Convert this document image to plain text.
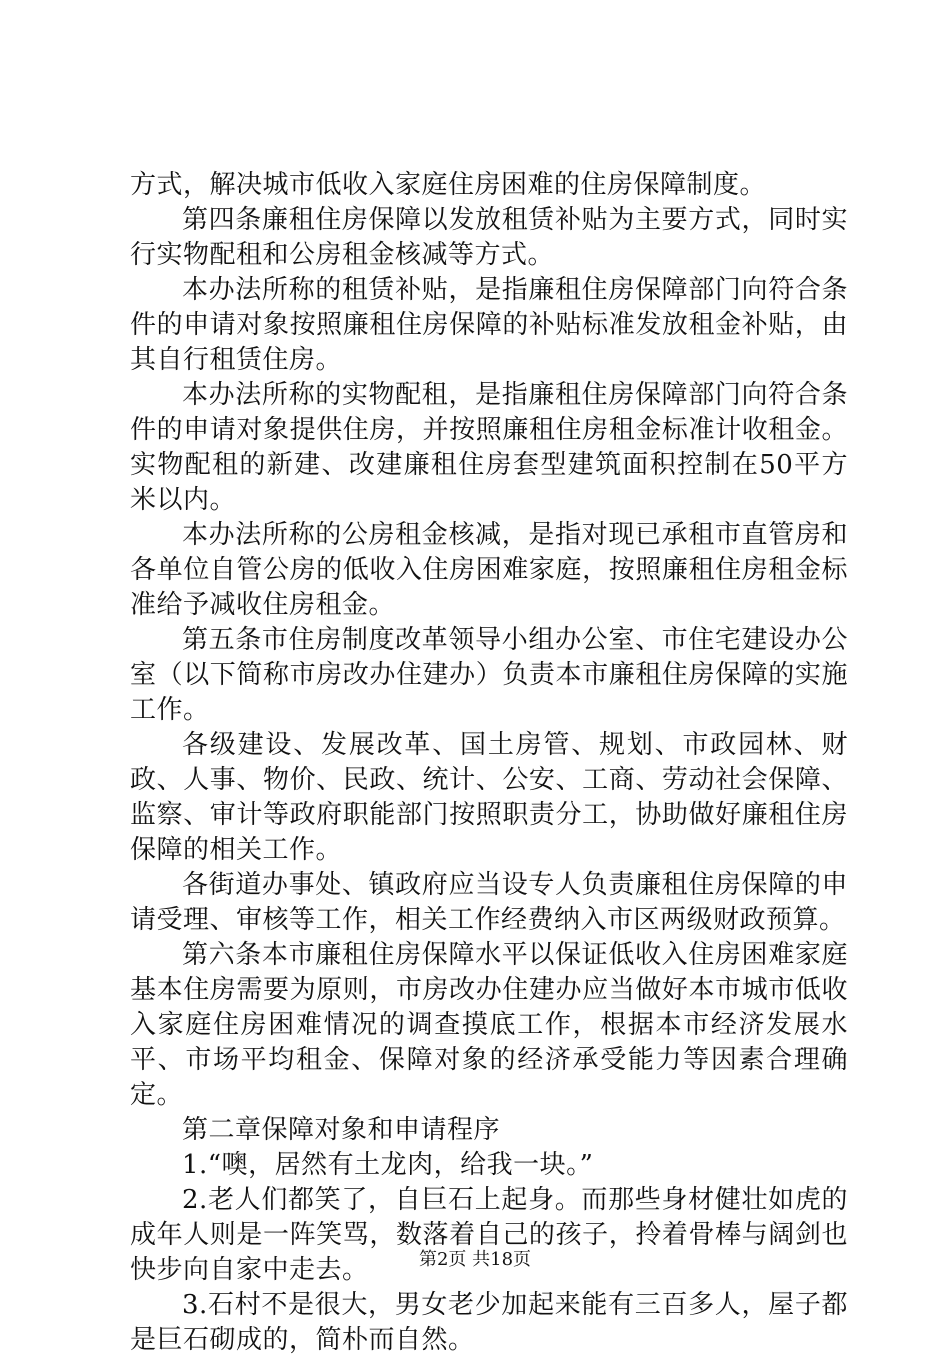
方式，解决城市低收入家庭住房困难的住房保障制度。

第四条廉租住房保障以发放租赁补贴为主要方式，同时实行实物配租和公房租金核减等方式。

本办法所称的租赁补贴，是指廉租住房保障部门向符合条件的申请对象按照廉租住房保障的补贴标准发放租金补贴，由其自行租赁住房。

本办法所称的实物配租，是指廉租住房保障部门向符合条件的申请对象提供住房，并按照廉租住房租金标准计收租金。实物配租的新建、改建廉租住房套型建筑面积控制在50平方米以内。

本办法所称的公房租金核减，是指对现已承租市直管房和各单位自管公房的低收入住房困难家庭，按照廉租住房租金标准给予减收住房租金。

第五条市住房制度改革领导小组办公室、市住宅建设办公室（以下简称市房改办住建办）负责本市廉租住房保障的实施工作。

各级建设、发展改革、国土房管、规划、市政园林、财政、人事、物价、民政、统计、公安、工商、劳动社会保障、监察、审计等政府职能部门按照职责分工，协助做好廉租住房保障的相关工作。

各街道办事处、镇政府应当设专人负责廉租住房保障的申请受理、审核等工作，相关工作经费纳入市区两级财政预算。

第六条本市廉租住房保障水平以保证低收入住房困难家庭基本住房需要为原则，市房改办住建办应当做好本市城市低收入家庭住房困难情况的调查摸底工作，根据本市经济发展水平、市场平均租金、保障对象的经济承受能力等因素合理确定。

第二章保障对象和申请程序

1.“噢，居然有土龙肉，给我一块。”

2.老人们都笑了，自巨石上起身。而那些身材健壮如虎的成年人则是一阵笑骂，数落着自己的孩子，拎着骨棒与阔剑也快步向自家中走去。

3.石村不是很大，男女老少加起来能有三百多人，屋子都是巨石砌成的，简朴而自然。

第2页 共18页
